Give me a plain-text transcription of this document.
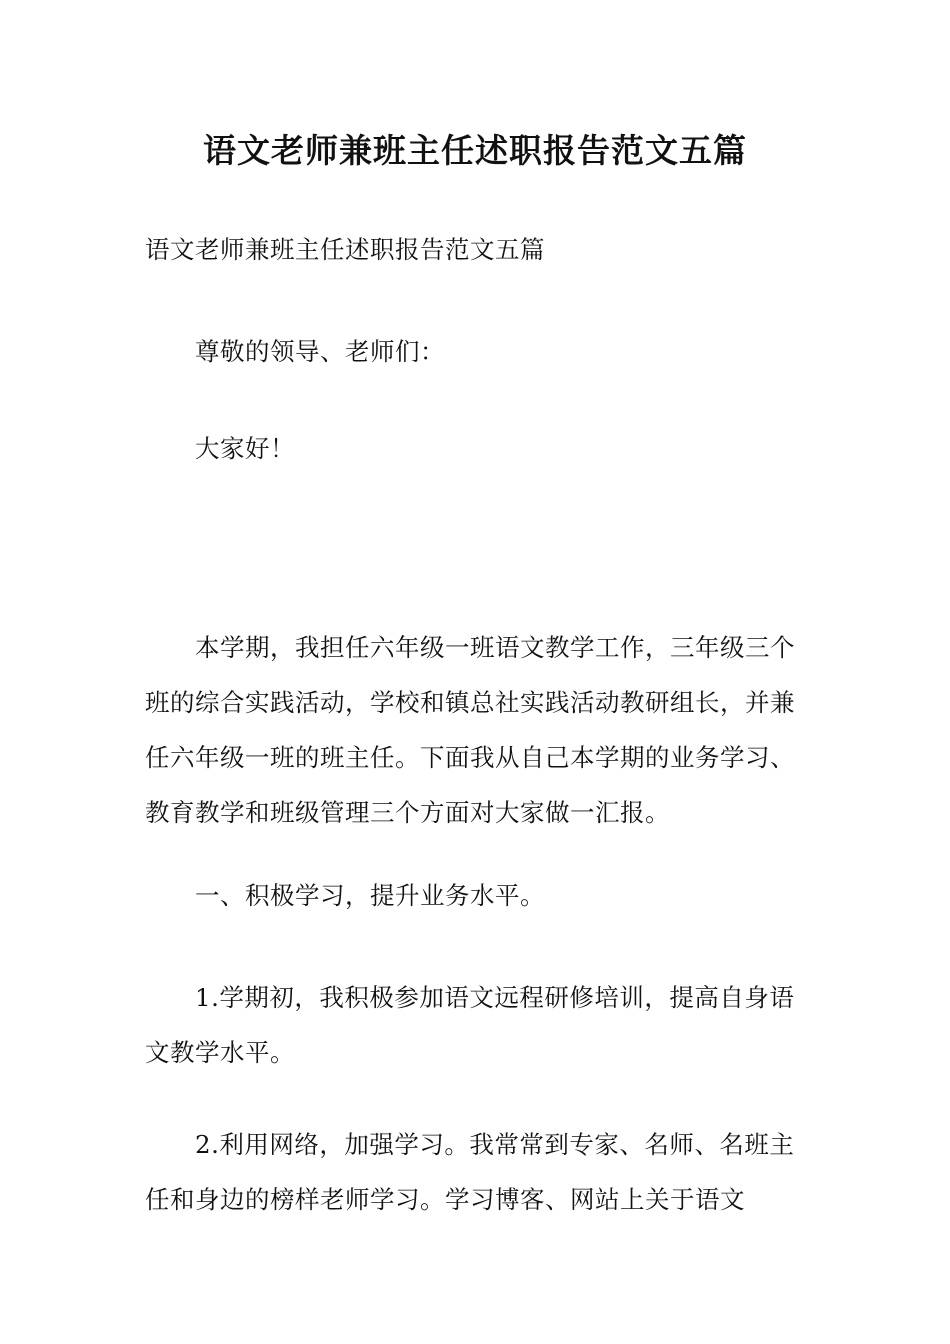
语文老师兼班主任述职报告范文五篇

语文老师兼班主任述职报告范文五篇

尊敬的领导、老师们：

大家好！

本学期，我担任六年级一班语文教学工作，三年级三个班的综合实践活动，学校和镇总社实践活动教研组长，并兼任六年级一班的班主任。下面我从自己本学期的业务学习、教育教学和班级管理三个方面对大家做一汇报。

一、积极学习，提升业务水平。

1.学期初，我积极参加语文远程研修培训，提高自身语文教学水平。

2.利用网络，加强学习。我常常到专家、名师、名班主任和身边的榜样老师学习。学习博客、网站上关于语文
